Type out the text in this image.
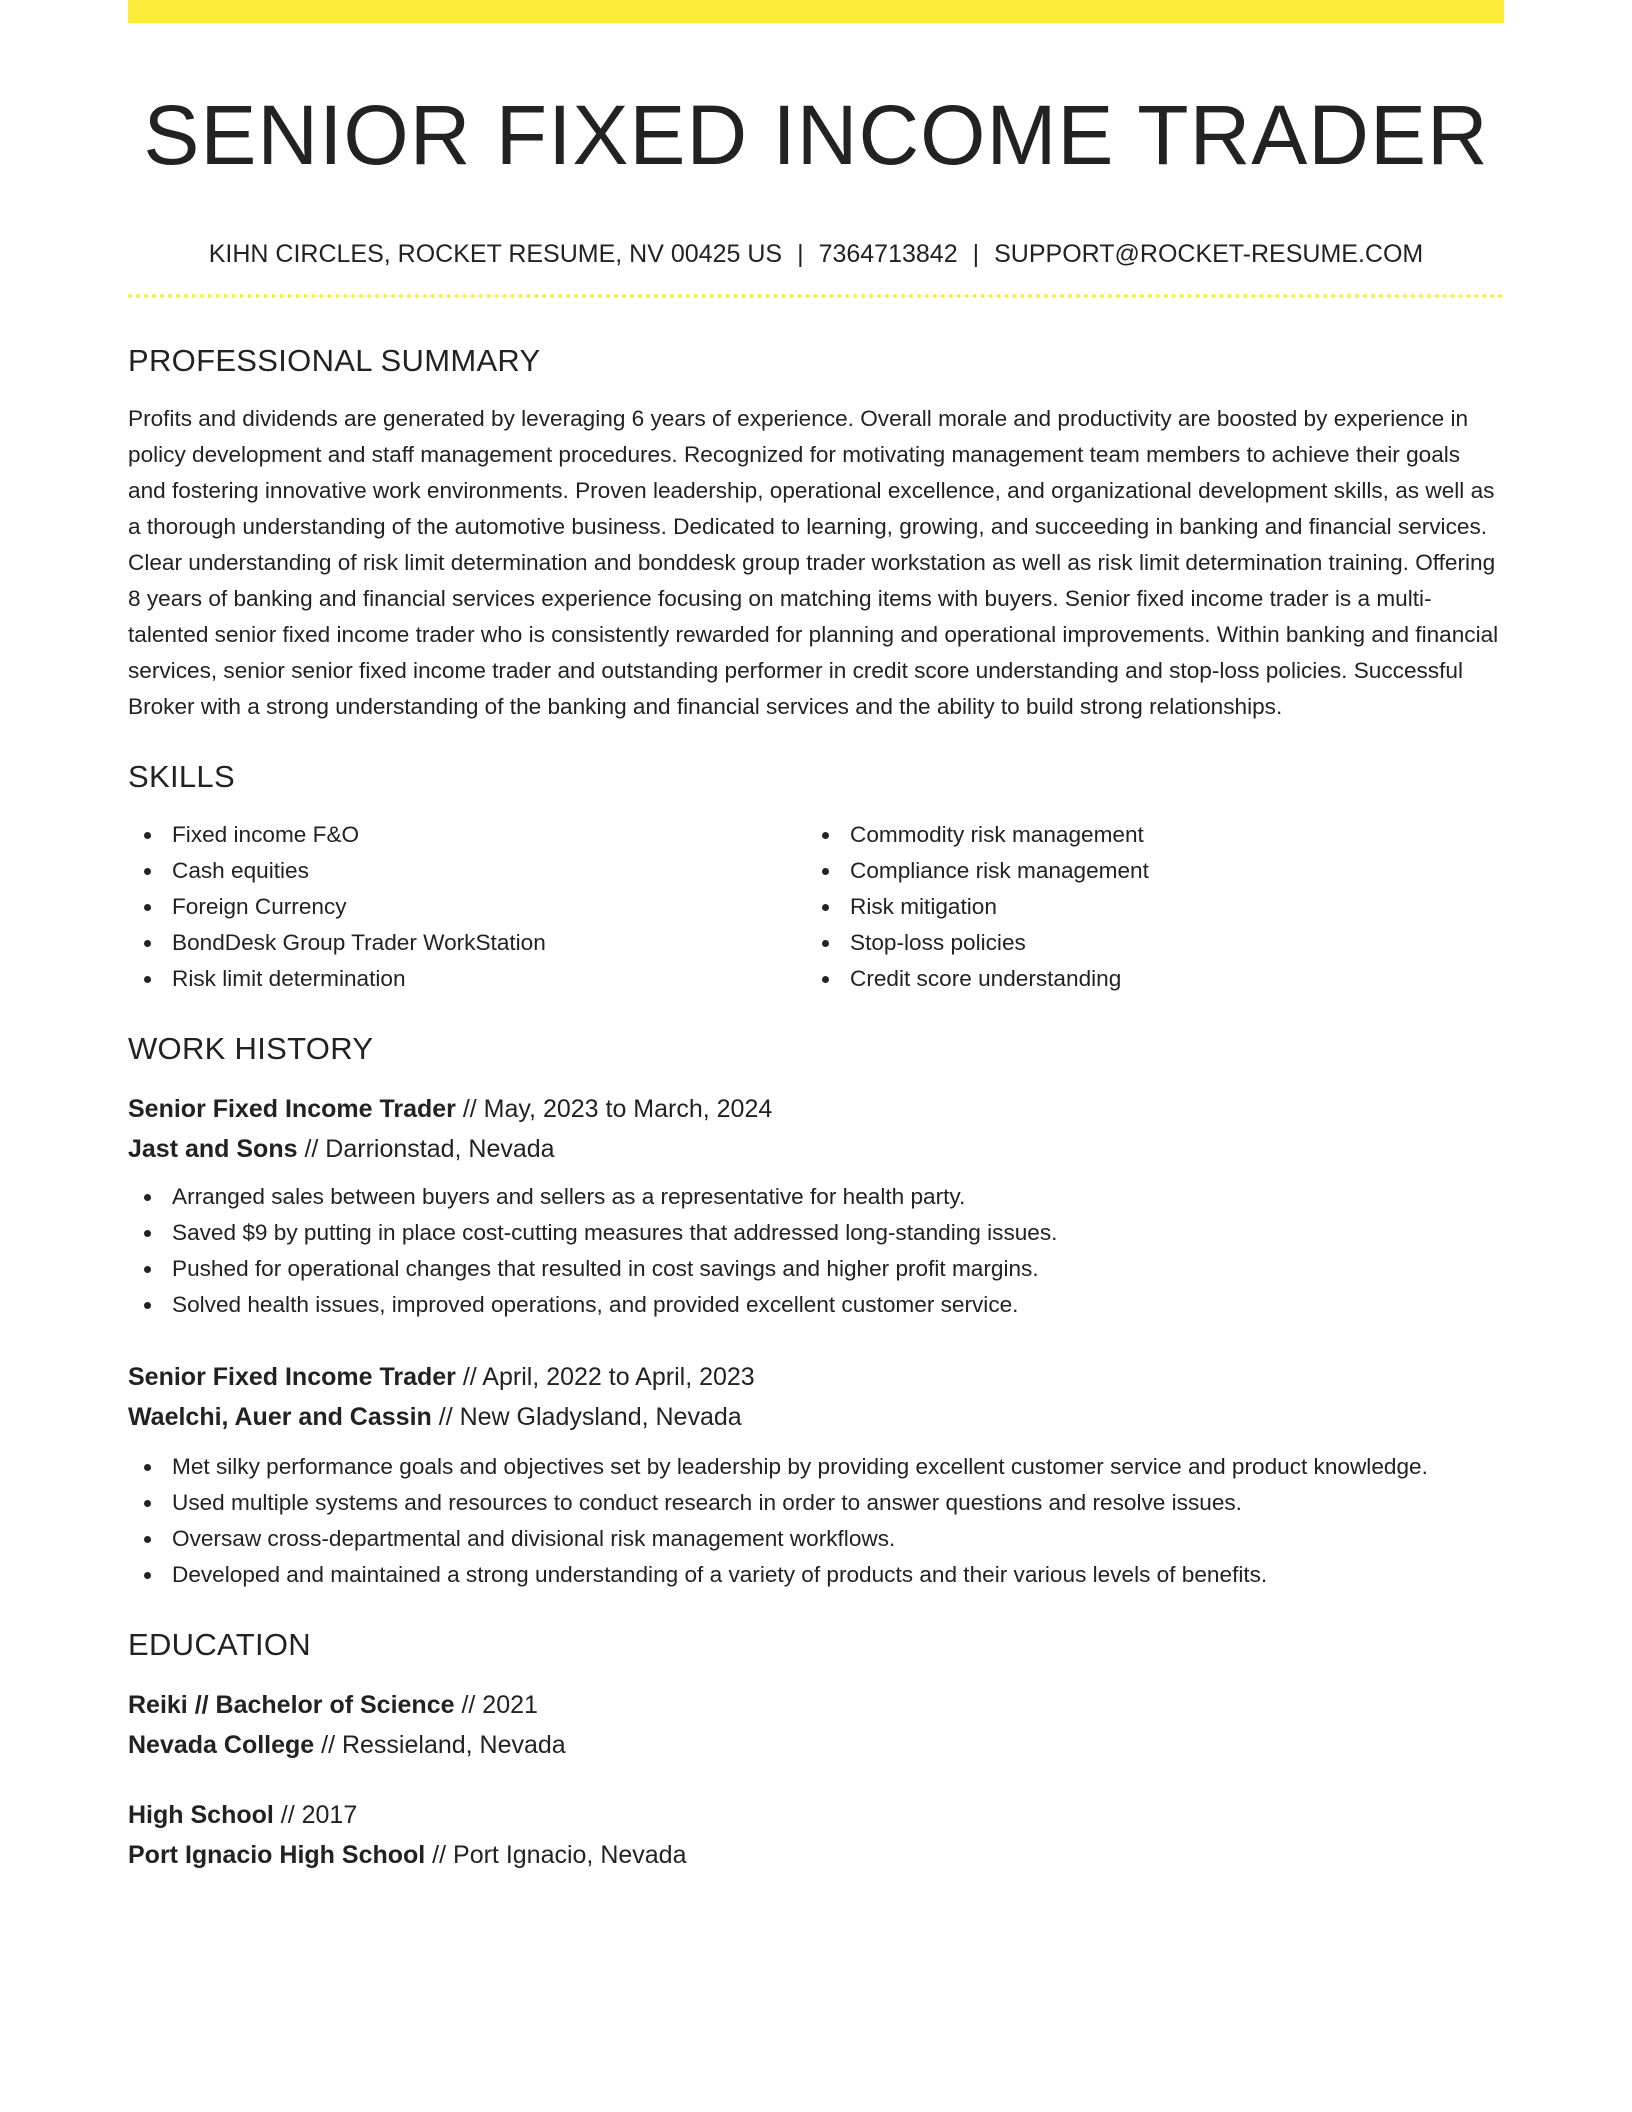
SENIOR FIXED INCOME TRADER
KIHN CIRCLES, ROCKET RESUME, NV 00425 US | 7364713842 | SUPPORT@ROCKET-RESUME.COM
PROFESSIONAL SUMMARY

Profits and dividends are generated by leveraging 6 years of experience. Overall morale and productivity are boosted by experience in policy development and staff management procedures. Recognized for motivating management team members to achieve their goals and fostering innovative work environments. Proven leadership, operational excellence, and organizational development skills, as well as a thorough understanding of the automotive business. Dedicated to learning, growing, and succeeding in banking and financial services. Clear understanding of risk limit determination and bonddesk group trader workstation as well as risk limit determination training. Offering 8 years of banking and financial services experience focusing on matching items with buyers. Senior fixed income trader is a multi-talented senior fixed income trader who is consistently rewarded for planning and operational improvements. Within banking and financial services, senior senior fixed income trader and outstanding performer in credit score understanding and stop-loss policies. Successful Broker with a strong understanding of the banking and financial services and the ability to build strong relationships.

SKILLS
Fixed income F&O
Cash equities
Foreign Currency
BondDesk Group Trader WorkStation
Risk limit determination
Commodity risk management
Compliance risk management
Risk mitigation
Stop-loss policies
Credit score understanding
WORK HISTORY
Senior Fixed Income Trader // May, 2023 to March, 2024
Jast and Sons // Darrionstad, Nevada
Arranged sales between buyers and sellers as a representative for health party.
Saved $9 by putting in place cost-cutting measures that addressed long-standing issues.
Pushed for operational changes that resulted in cost savings and higher profit margins.
Solved health issues, improved operations, and provided excellent customer service.
Senior Fixed Income Trader // April, 2022 to April, 2023
Waelchi, Auer and Cassin // New Gladysland, Nevada
Met silky performance goals and objectives set by leadership by providing excellent customer service and product knowledge.
Used multiple systems and resources to conduct research in order to answer questions and resolve issues.
Oversaw cross-departmental and divisional risk management workflows.
Developed and maintained a strong understanding of a variety of products and their various levels of benefits.
EDUCATION
Reiki // Bachelor of Science // 2021
Nevada College // Ressieland, Nevada
High School // 2017
Port Ignacio High School // Port Ignacio, Nevada
